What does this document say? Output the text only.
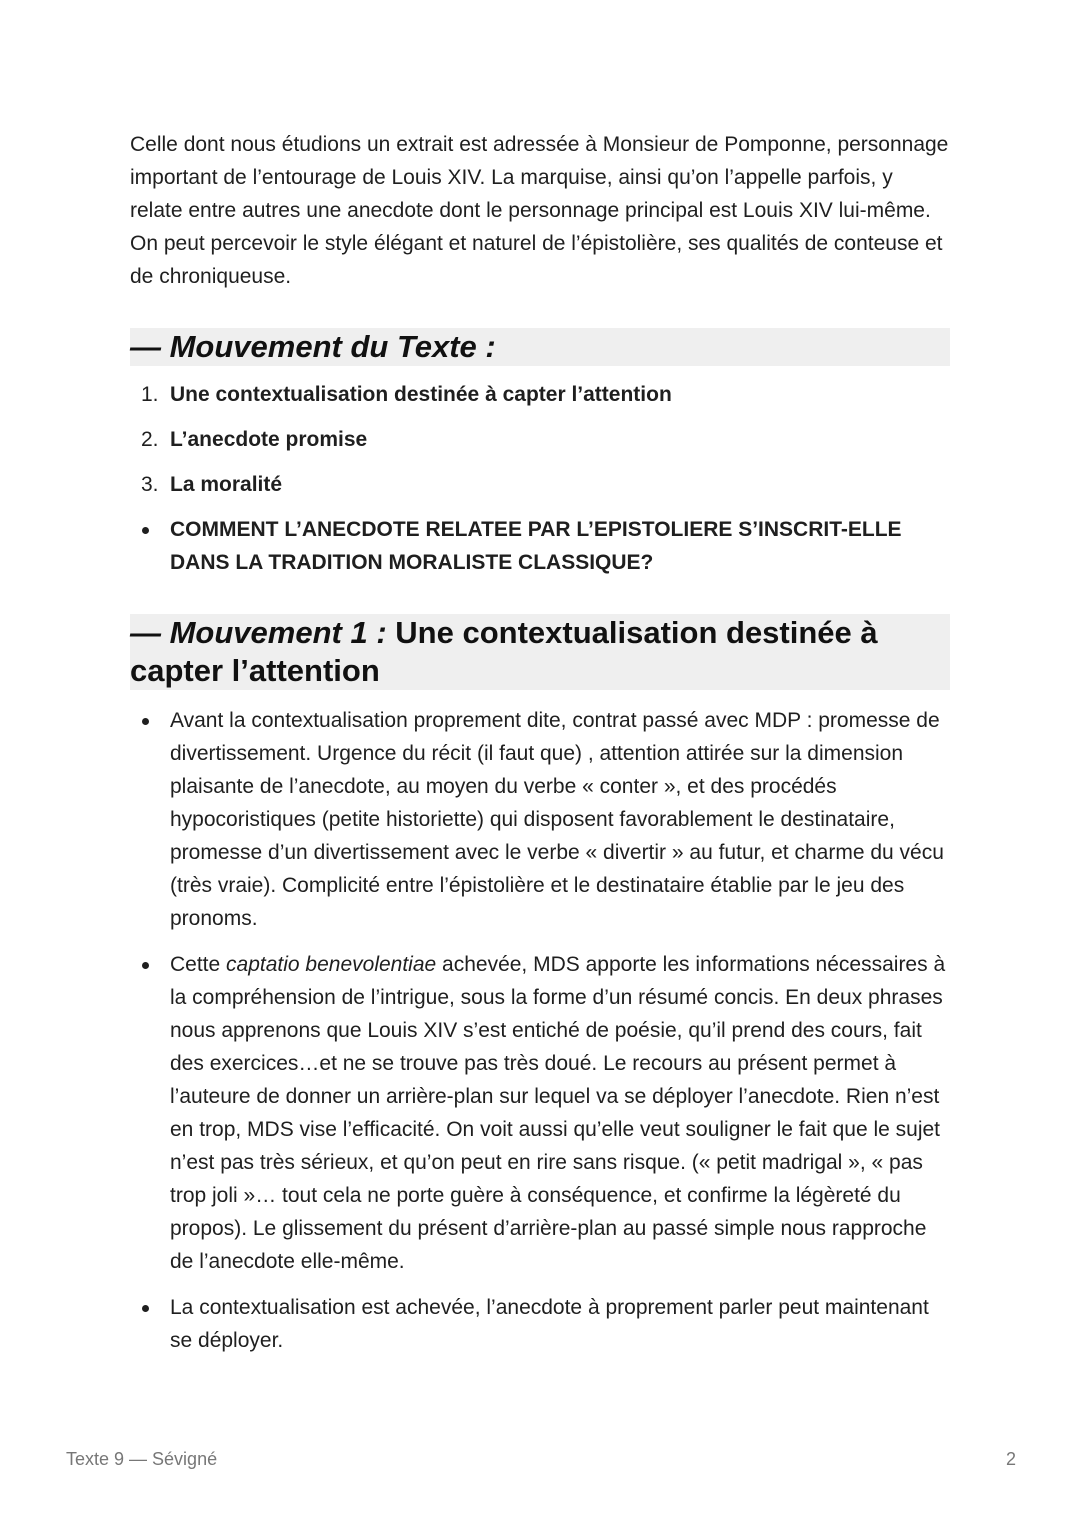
Celle dont nous étudions un extrait est adressée à Monsieur de Pomponne, personnage important de l’entourage de Louis XIV. La marquise, ainsi qu’on l’appelle parfois, y relate entre autres une anecdote dont le personnage principal est Louis XIV lui-même. On peut percevoir le style élégant et naturel de l’épistolière, ses qualités de conteuse et de chroniqueuse.

— Mouvement du Texte :
1. Une contextualisation destinée à capter l’attention
2. L’anecdote promise
3. La moralité
COMMENT L’ANECDOTE RELATEE PAR L’EPISTOLIERE S’INSCRIT-ELLE DANS LA TRADITION MORALISTE CLASSIQUE?
— Mouvement 1 : Une contextualisation destinée à capter l’attention
Avant la contextualisation proprement dite, contrat passé avec MDP : promesse de divertissement. Urgence du récit (il faut que) , attention attirée sur la dimension plaisante de l’anecdote, au moyen du verbe « conter », et des procédés hypocoristiques (petite historiette) qui disposent favorablement le destinataire, promesse d’un divertissement avec le verbe « divertir » au futur, et charme du vécu (très vraie). Complicité entre l’épistolière et le destinataire établie par le jeu des pronoms.
Cette captatio benevolentiae achevée, MDS apporte les informations nécessaires à la compréhension de l’intrigue, sous la forme d’un résumé concis. En deux phrases nous apprenons que Louis XIV s’est entiché de poésie, qu’il prend des cours, fait des exercices…et ne se trouve pas très doué. Le recours au présent permet à l’auteure de donner un arrière-plan sur lequel va se déployer l’anecdote. Rien n’est en trop, MDS vise l’efficacité. On voit aussi qu’elle veut souligner le fait que le sujet n’est pas très sérieux, et qu’on peut en rire sans risque. (« petit madrigal », « pas trop joli »… tout cela ne porte guère à conséquence, et confirme la légèreté du propos). Le glissement du présent d’arrière-plan au passé simple nous rapproche de l’anecdote elle-même.
La contextualisation est achevée, l’anecdote à proprement parler peut maintenant se déployer.
Texte 9 — Sévigné	2
